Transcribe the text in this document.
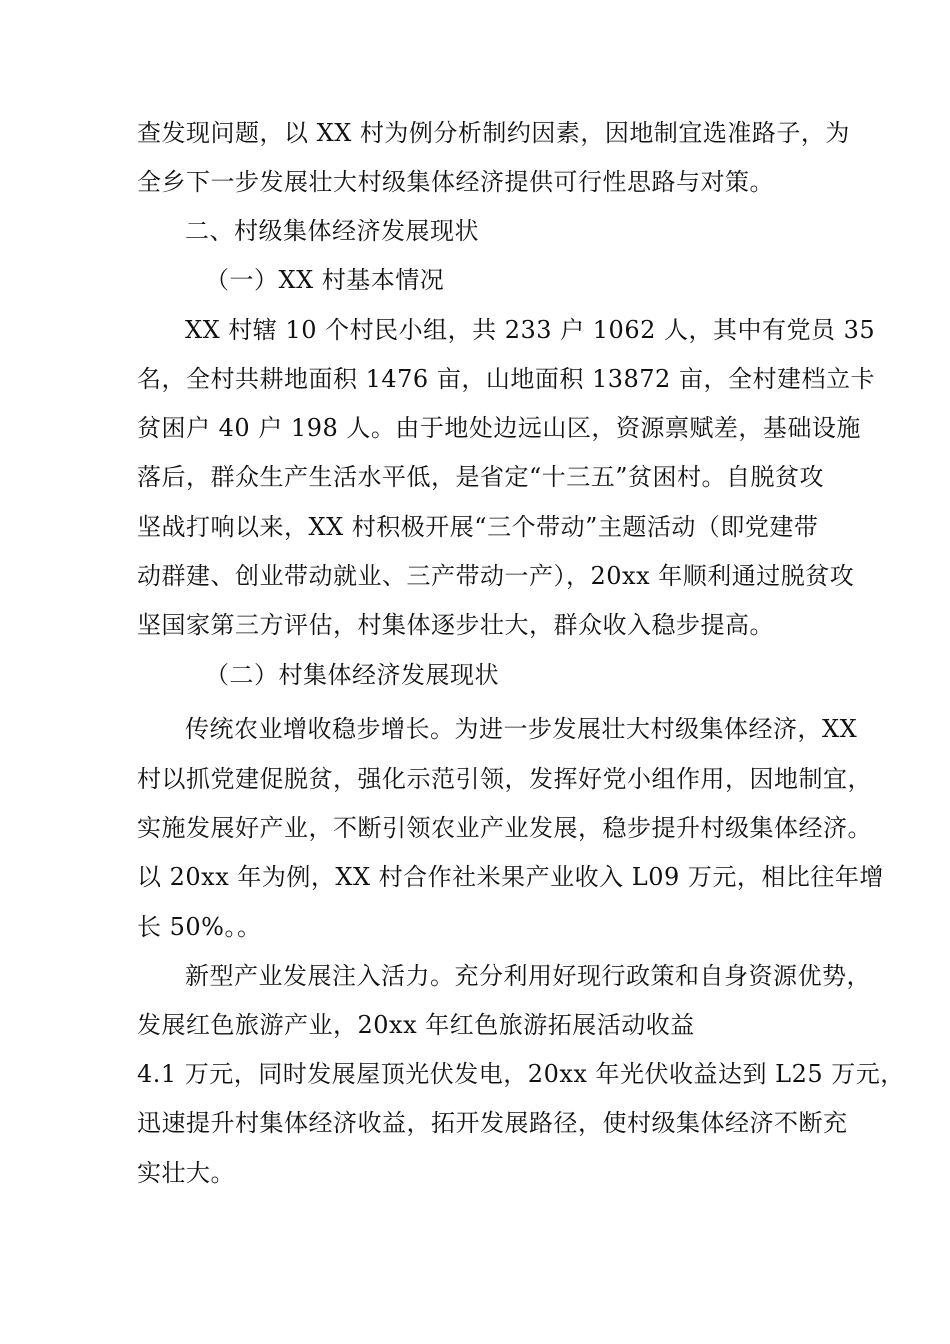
查发现问题，以 XX 村为例分析制约因素，因地制宜选准路子，为
全乡下一步发展壮大村级集体经济提供可行性思路与对策。
二、村级集体经济发展现状
（一）XX 村基本情况
XX 村辖 10 个村民小组，共 233 户 1062 人，其中有党员 35
名，全村共耕地面积 1476 亩，山地面积 13872 亩，全村建档立卡
贫困户 40 户 198 人。由于地处边远山区，资源禀赋差，基础设施
落后，群众生产生活水平低，是省定“十三五”贫困村。自脱贫攻
坚战打响以来，XX 村积极开展“三个带动”主题活动（即党建带
动群建、创业带动就业、三产带动一产），20xx 年顺利通过脱贫攻
坚国家第三方评估，村集体逐步壮大，群众收入稳步提高。
（二）村集体经济发展现状
传统农业增收稳步增长。为进一步发展壮大村级集体经济，XX
村以抓党建促脱贫，强化示范引领，发挥好党小组作用，因地制宜，
实施发展好产业，不断引领农业产业发展，稳步提升村级集体经济。
以 20xx 年为例，XX 村合作社米果产业收入 L09 万元，相比往年增
长 50%。。
新型产业发展注入活力。充分利用好现行政策和自身资源优势，
发展红色旅游产业，20xx 年红色旅游拓展活动收益
4.1 万元，同时发展屋顶光伏发电，20xx 年光伏收益达到 L25 万元，
迅速提升村集体经济收益，拓开发展路径，使村级集体经济不断充
实壮大。
